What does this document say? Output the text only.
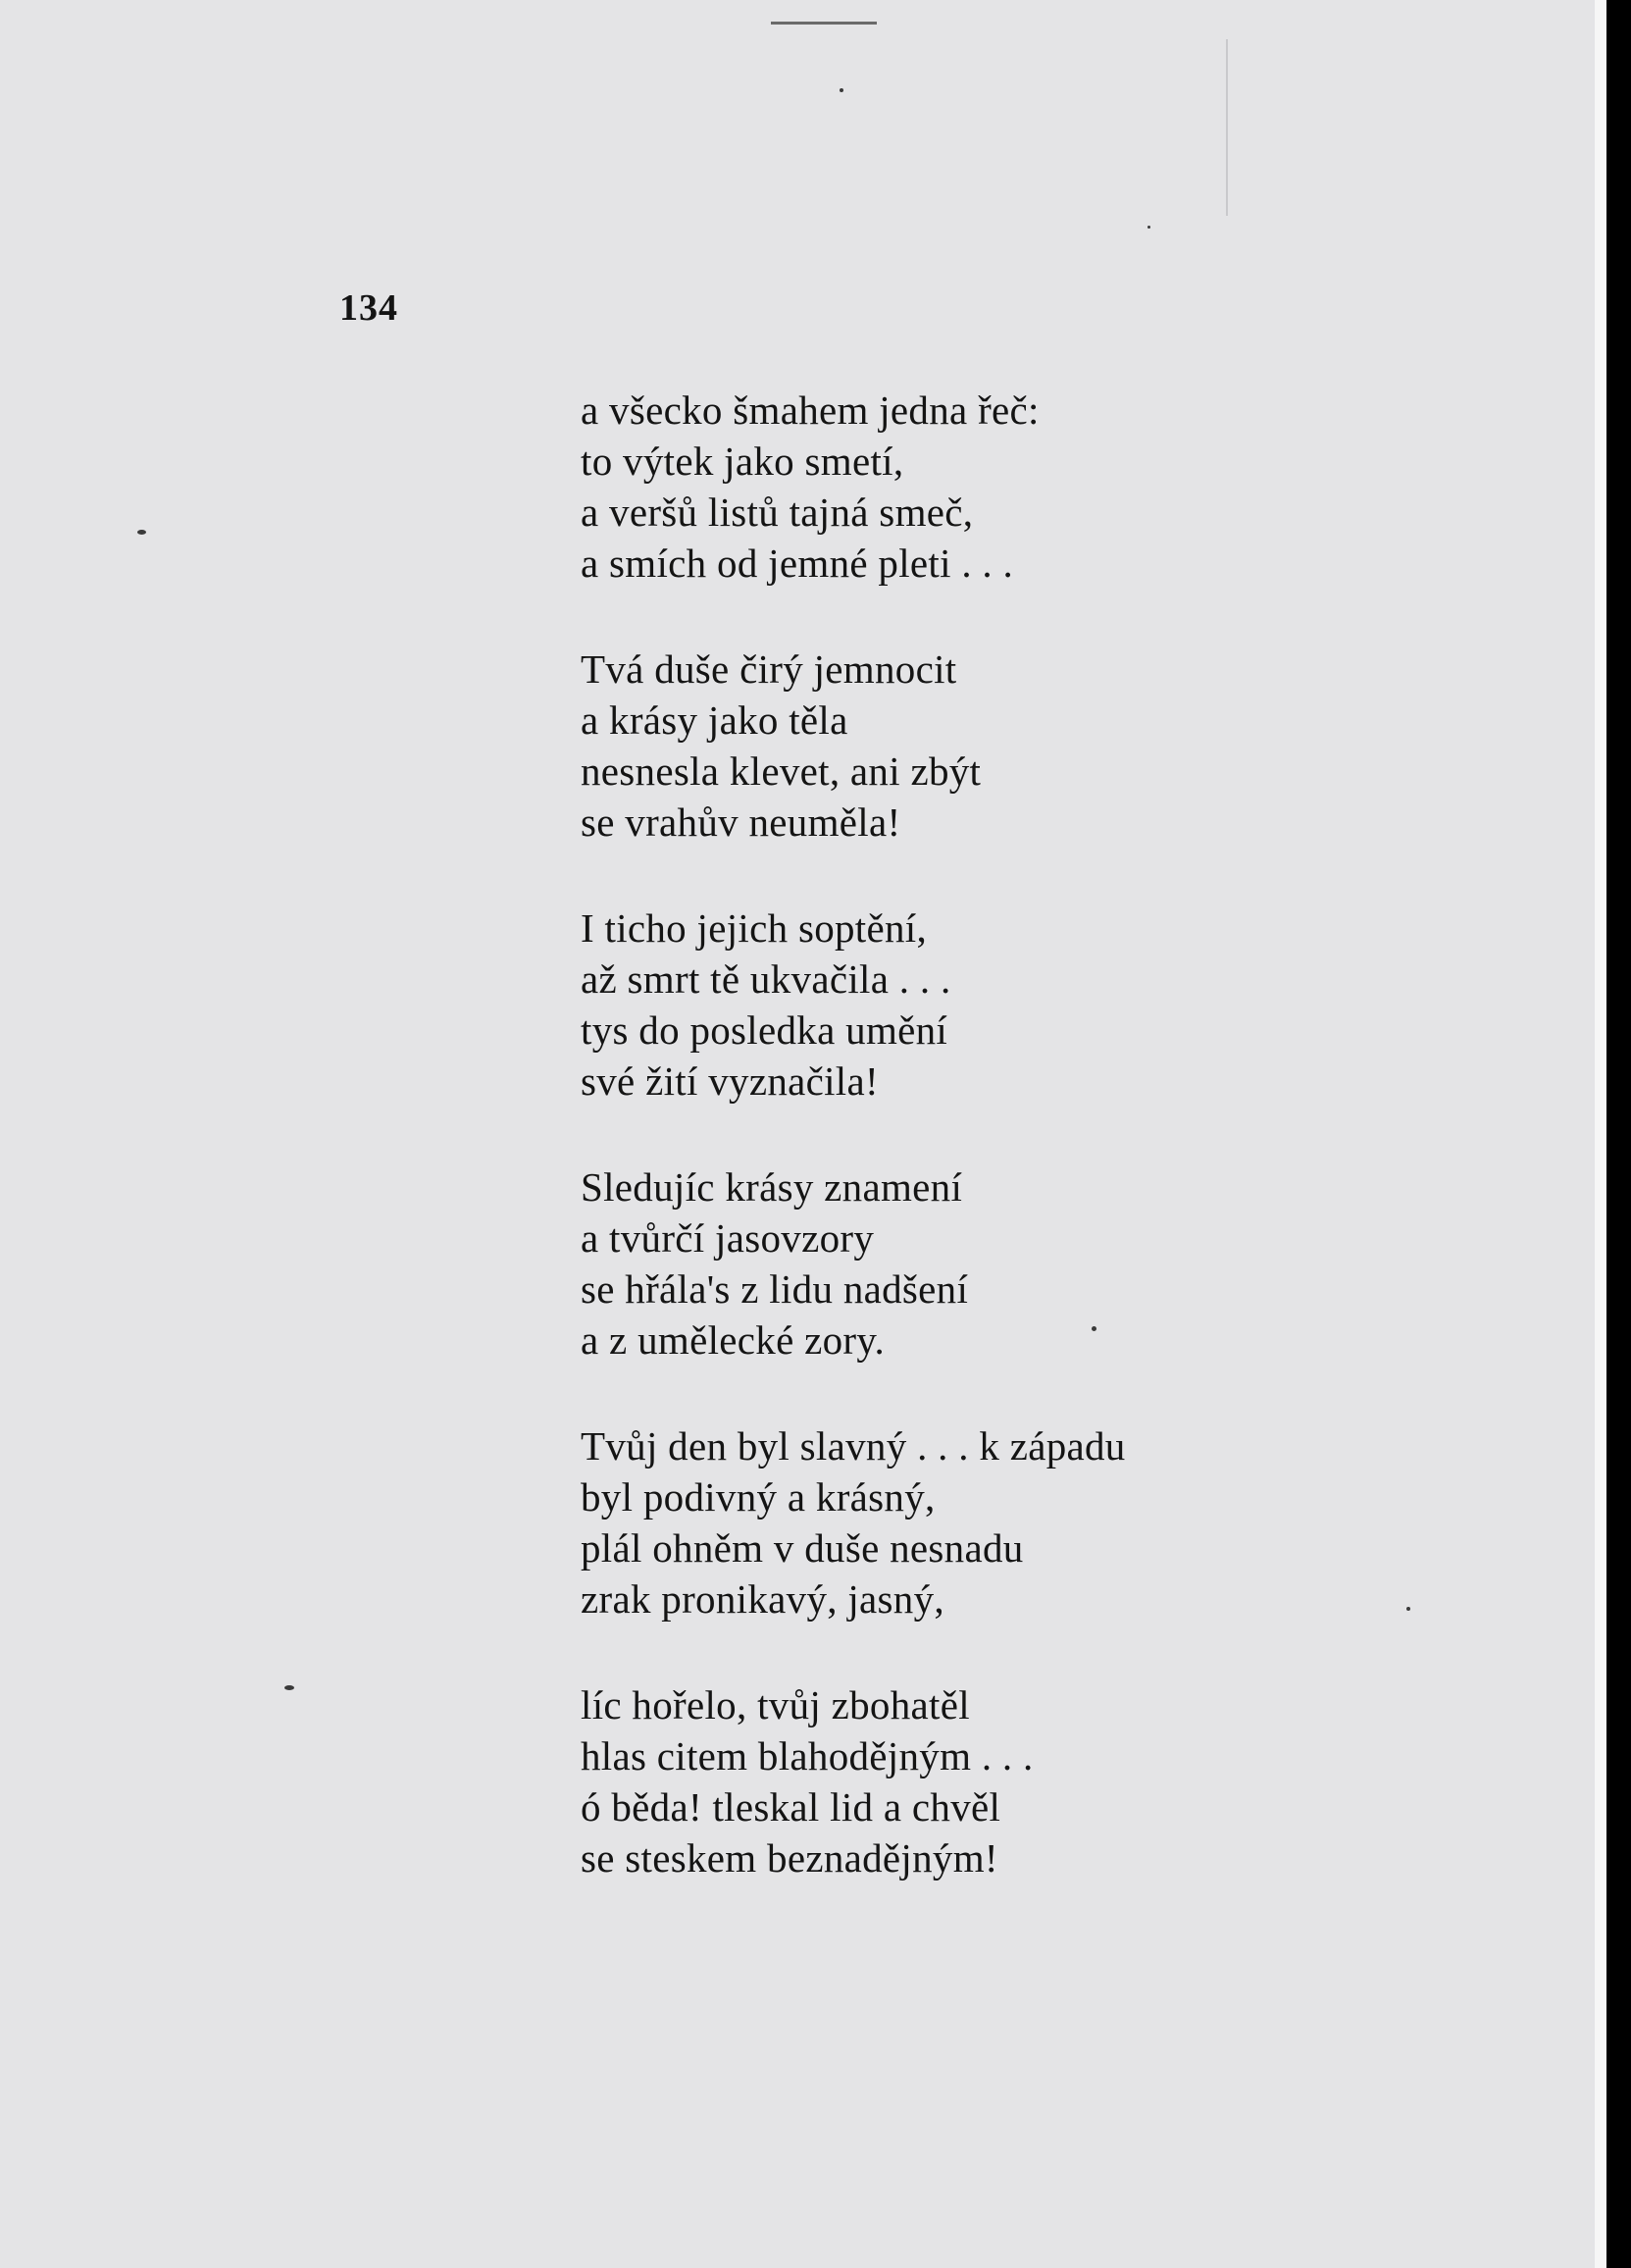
134
a všecko šmahem jedna řeč:
to výtek jako smetí,
a veršů listů tajná smeč,
a smích od jemné pleti . . .
Tvá duše čirý jemnocit
a krásy jako těla
nesnesla klevet, ani zbýt
se vrahův neuměla!
I ticho jejich soptění,
až smrt tě ukvačila . . .
tys do posledka umění
své žití vyznačila!
Sledujíc krásy znamení
a tvůrčí jasovzory
se hřála's z lidu nadšení
a z umělecké zory.
Tvůj den byl slavný . . . k západu
byl podivný a krásný,
plál ohněm v duše nesnadu
zrak pronikavý, jasný,
líc hořelo, tvůj zbohatěl
hlas citem blahodějným . . .
ó běda! tleskal lid a chvěl
se steskem beznadějným!
